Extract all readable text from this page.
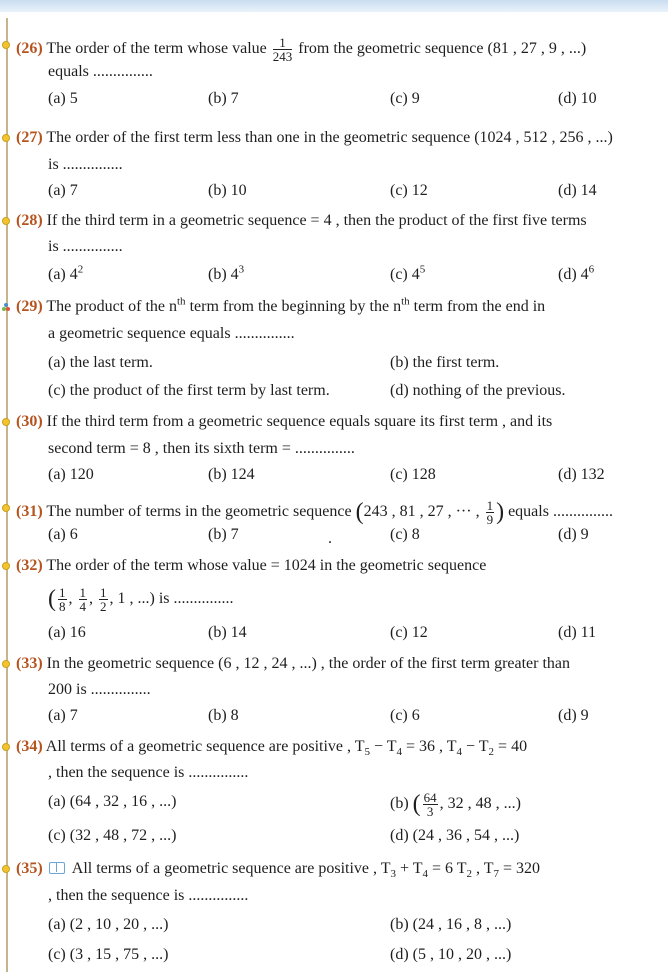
(26) The order of the term whose value $\frac{1}{243}$ from the geometric sequence (81 , 27 , 9 , ...)
equals ...............
(a) 5	(b) 7	(c) 9	(d) 10
(27) The order of the first term less than one in the geometric sequence (1024 , 512 , 256 , ...)
is ...............
(a) 7	(b) 10	(c) 12	(d) 14
(28) If the third term in a geometric sequence = 4 , then the product of the first five terms
is ...............
(a) $4^2$	(b) $4^3$	(c) $4^5$	(d) $4^6$
(29) The product of the $n^{th}$ term from the beginning by the $n^{th}$ term from the end in
a geometric sequence equals ...............
(a) the last term.	(b) the first term.
(c) the product of the first term by last term.	(d) nothing of the previous.
(30) If the third term from a geometric sequence equals square its first term , and its
second term = 8 , then its sixth term = ...............
(a) 120	(b) 124	(c) 128	(d) 132
(31) The number of terms in the geometric sequence (243 , 81 , 27 , ··· , $\frac{1}{9}$ ) equals ...............
(a) 6	(b) 7	.	(c) 8	(d) 9
(32) The order of the term whose value = 1024 in the geometric sequence
( $\frac{1}{8}$ , $\frac{1}{4}$ , $\frac{1}{2}$ , 1 , ...) is ...............
(a) 16	(b) 14	(c) 12	(d) 11
(33) In the geometric sequence (6 , 12 , 24 , ...) , the order of the first term greater than
200 is ...............
(a) 7	(b) 8	(c) 6	(d) 9
(34) All terms of a geometric sequence are positive , $T_5 - T_4 = 36$ , $T_4 - T_2 = 40$
, then the sequence is ...............
(a) (64 , 32 , 16 , ...)	(b) ( $\frac{64}{3}$ , 32 , 48 , ...)
(c) (32 , 48 , 72 , ...)	(d) (24 , 36 , 54 , ...)
(35) All terms of a geometric sequence are positive , $T_3 + T_4 = 6$ $T_2$ , $T_7 = 320$
, then the sequence is ...............
(a) (2 , 10 , 20 , ...)	(b) (24 , 16 , 8 , ...)
(c) (3 , 15 , 75 , ...)	(d) (5 , 10 , 20 , ...)
